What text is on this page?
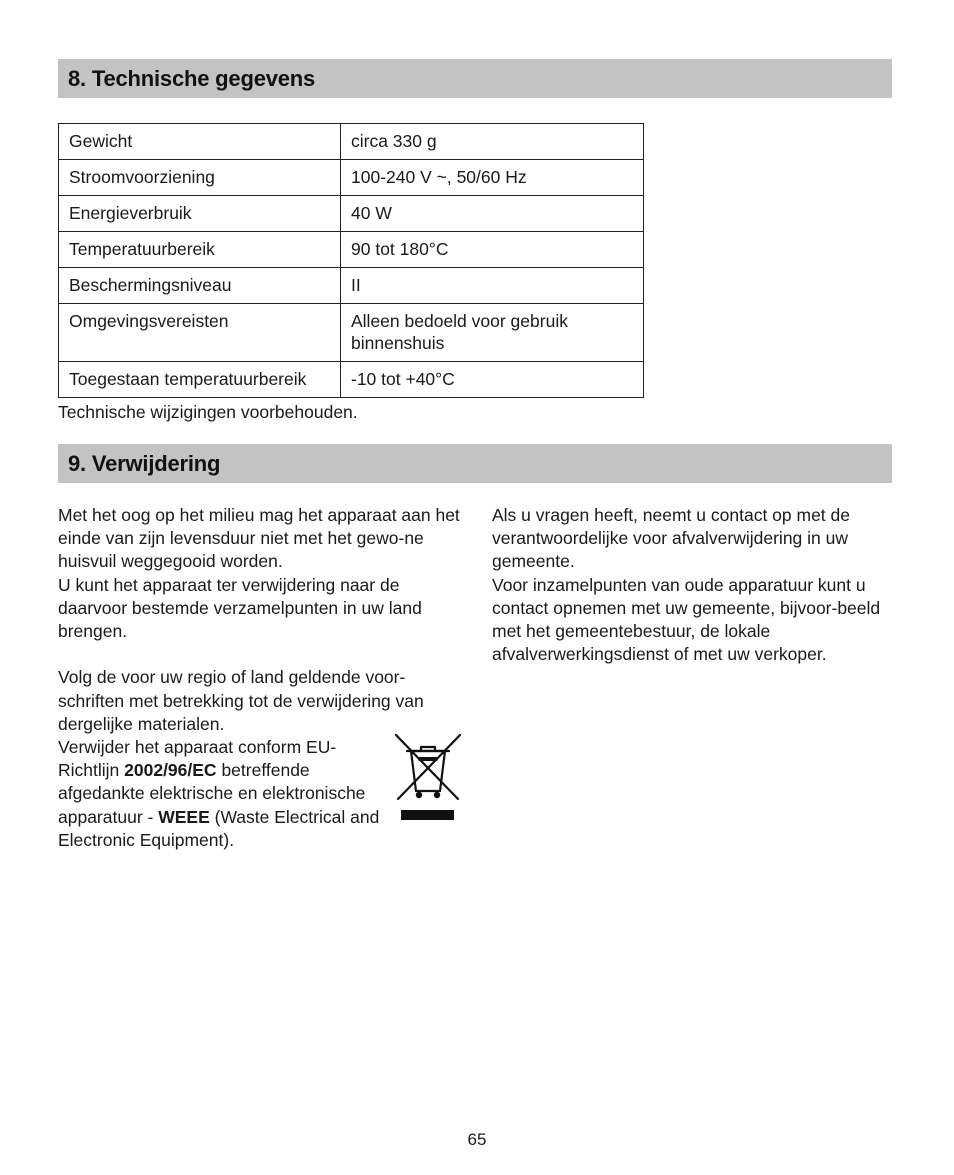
8. Technische gegevens
Gewicht	circa 330 g
Stroomvoorziening	100-240 V ~, 50/60 Hz
Energieverbruik	40 W
Temperatuurbereik	90 tot 180°C
Beschermingsniveau	II
Omgevingsvereisten	Alleen bedoeld voor gebruik binnenshuis
Toegestaan temperatuurbereik	-10 tot +40°C
Technische wijzigingen voorbehouden.
9. Verwijdering

Met het oog op het milieu mag het apparaat aan het einde van zijn levensduur niet met het gewo-ne huisvuil weggegooid worden.

U kunt het apparaat ter verwijdering naar de daarvoor bestemde verzamelpunten in uw land brengen.

Volg de voor uw regio of land geldende voor-schriften met betrekking tot de verwijdering van dergelijke materialen.

Verwijder het apparaat conform EU-Richtlijn 2002/96/EC betreffende afgedankte elektrische en elektronische apparatuur - WEEE (Waste Electrical and Electronic Equipment).

Als u vragen heeft, neemt u contact op met de verantwoordelijke voor afvalverwijdering in uw gemeente.

Voor inzamelpunten van oude apparatuur kunt u contact opnemen met uw gemeente, bijvoor-beeld met het gemeentebestuur, de lokale afvalverwerkingsdienst of met uw verkoper.

65
